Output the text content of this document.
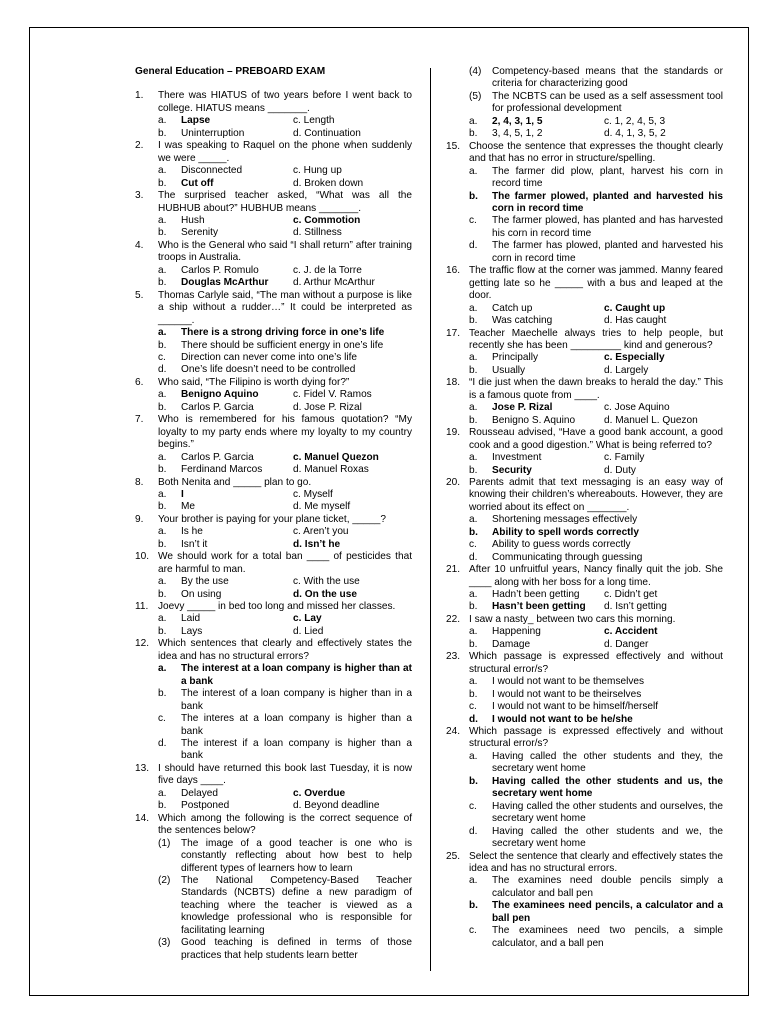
General Education – PREBOARD EXAM
1. There was HIATUS of two years before I went back to college. HIATUS means _______.
a.	Lapse	c. Length
b.	Uninterruption	d. Continuation
2. I was speaking to Raquel on the phone when suddenly we were _____.
a.	Disconnected	c. Hung up
b.	Cut off	d. Broken down
3. The surprised teacher asked, “What was all the HUBHUB about?” HUBHUB means _______.
a.	Hush	c. Commotion
b.	Serenity	d. Stillness
4. Who is the General who said “I shall return” after training troops in Australia.
a.	Carlos P. Romulo	c. J. de la Torre
b.	Douglas McArthur	d. Arthur McArthur
5. Thomas Carlyle said, “The man without a purpose is like a ship without a rudder…” It could be interpreted as ______.
a.	There is a strong driving force in one’s life
b.	There should be sufficient energy in one’s life
c.	Direction can never come into one’s life
d.	One’s life doesn’t need to be controlled
6. Who said, “The Filipino is worth dying for?”
a.	Benigno Aquino	c. Fidel V. Ramos
b.	Carlos P. Garcia	d. Jose P. Rizal
7. Who is remembered for his famous quotation? “My loyalty to my party ends where my loyalty to my country begins.”
a.	Carlos P. Garcia	c. Manuel Quezon
b.	Ferdinand Marcos	d. Manuel Roxas
8. Both Nenita and _____ plan to go.
a.	I	c. Myself
b.	Me	d. Me myself
9. Your brother is paying for your plane ticket, _____?
a.	Is he	c. Aren’t you
b.	Isn’t it	d. Isn’t he
10. We should work for a total ban ____ of pesticides that are harmful to man.
a.	By the use	c. With the use
b.	On using	d. On the use
11. Joevy _____ in bed too long and missed her classes.
a.	Laid	c. Lay
b.	Lays	d. Lied
12. Which sentences that clearly and effectively states the idea and has no structural errors?
a.	The interest at a loan company is higher than at a bank
b.	The interest of a loan company is higher than in a bank
c.	The interes at a loan company is higher than a bank
d.	The interest if a loan company is higher than a bank
13. I should have returned this book last Tuesday, it is now five days ____.
a.	Delayed	c. Overdue
b.	Postponed	d. Beyond deadline
14. Which among the following is the correct sequence of the sentences below?
(1) The image of a good teacher is one who is constantly reflecting about how best to help different types of learners how to learn
(2) The National Competency-Based Teacher Standards (NCBTS) define a new paradigm of teaching where the teacher is viewed as a knowledge professional who is responsible for facilitating learning
(3) Good teaching is defined in terms of those practices that help students learn better
(4) Competency-based means that the standards or criteria for characterizing good
(5) The NCBTS can be used as a self assessment tool for professional development
a.	2, 4, 3, 1, 5	c. 1, 2, 4, 5, 3
b.	3, 4, 5, 1, 2	d. 4, 1, 3, 5, 2
15. Choose the sentence that expresses the thought clearly and that has no error in structure/spelling.
a.	The farmer did plow, plant, harvest his corn in record time
b.	The farmer plowed, planted and harvested his corn in record time
c.	The farmer plowed, has planted and has harvested his corn in record time
d.	The farmer has plowed, planted and harvested his corn in record time
16. The traffic flow at the corner was jammed. Manny feared getting late so he _____ with a bus and leaped at the door.
a.	Catch up	c. Caught up
b.	Was catching	d. Has caught
17. Teacher Maechelle always tries to help people, but recently she has been _________ kind and generous?
a.	Principally	c. Especially
b.	Usually	d. Largely
18. “I die just when the dawn breaks to herald the day.” This is a famous quote from ____.
a.	Jose P. Rizal	c. Jose Aquino
b.	Benigno S. Aquino	d. Manuel L. Quezon
19. Rousseau advised, “Have a good bank account, a good cook and a good digestion.” What is being referred to?
a.	Investment	c. Family
b.	Security	d. Duty
20. Parents admit that text messaging is an easy way of knowing their children’s whereabouts. However, they are worried about its effect on _______.
a.	Shortening messages effectively
b.	Ability to spell words correctly
c.	Ability to guess words correctly
d.	Communicating through guessing
21. After 10 unfruitful years, Nancy finally quit the job. She ____ along with her boss for a long time.
a.	Hadn’t been getting	c. Didn’t get
b.	Hasn’t been getting	d. Isn’t getting
22. I saw a nasty_ between two cars this morning.
a.	Happening	c. Accident
b.	Damage	d. Danger
23. Which passage is expressed effectively and without structural error/s?
a.	I would not want to be themselves
b.	I would not want to be theirselves
c.	I would not want to be himself/herself
d.	I would not want to be he/she
24. Which passage is expressed effectively and without structural error/s?
a.	Having called the other students and they, the secretary went home
b.	Having called the other students and us, the secretary went home
c.	Having called the other students and ourselves, the secretary went home
d.	Having called the other students and we, the secretary went home
25. Select the sentence that clearly and effectively states the idea and has no structural errors.
a.	The examines need double pencils simply a calculator and ball pen
b.	The examinees need pencils, a calculator and a ball pen
c.	The examinees need two pencils, a simple calculator, and a ball pen
